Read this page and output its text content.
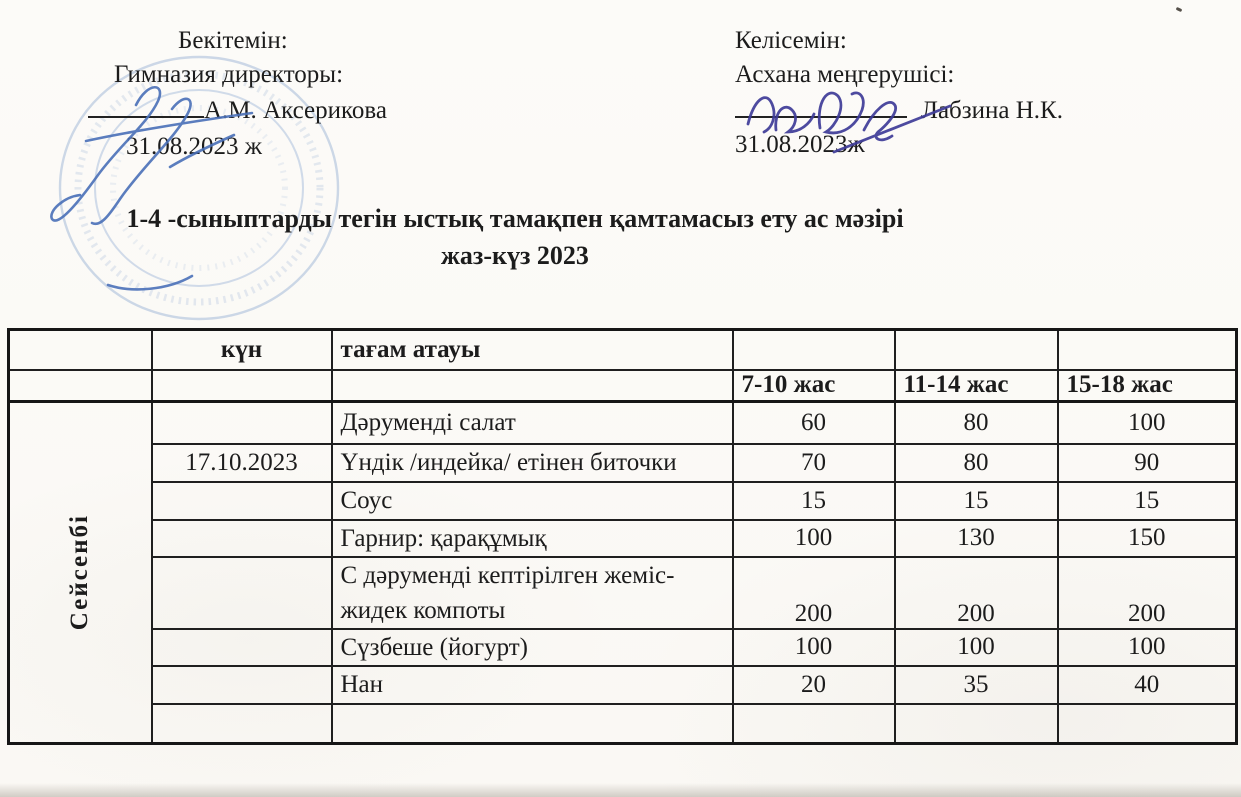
Бекітемін:
Гимназия директоры:
А.М. Аксерикова
31.08.2023 ж
Келісемін:
Асхана меңгерушісі:
Лабзина Н.К.
31.08.2023ж
1-4 -сыныптарды тегін ыстық тамақпен қамтамасыз ету ас мәзірі
жаз-күз 2023
	күн	тағам атауы			
			7-10 жас	11-14 жас	15-18 жас

Сейсенбі		Дәруменді салат	60	80	100
	17.10.2023	Үндік /индейка/ етінен биточки	70	80	90
		Соус	15	15	15
		Гарнир: қарақұмық	100	130	150
		С дәруменді кептірілген жеміс-жидек компоты	200	200	200
		Сүзбеше (йогурт)	100	100	100
		Нан	20	35	40
